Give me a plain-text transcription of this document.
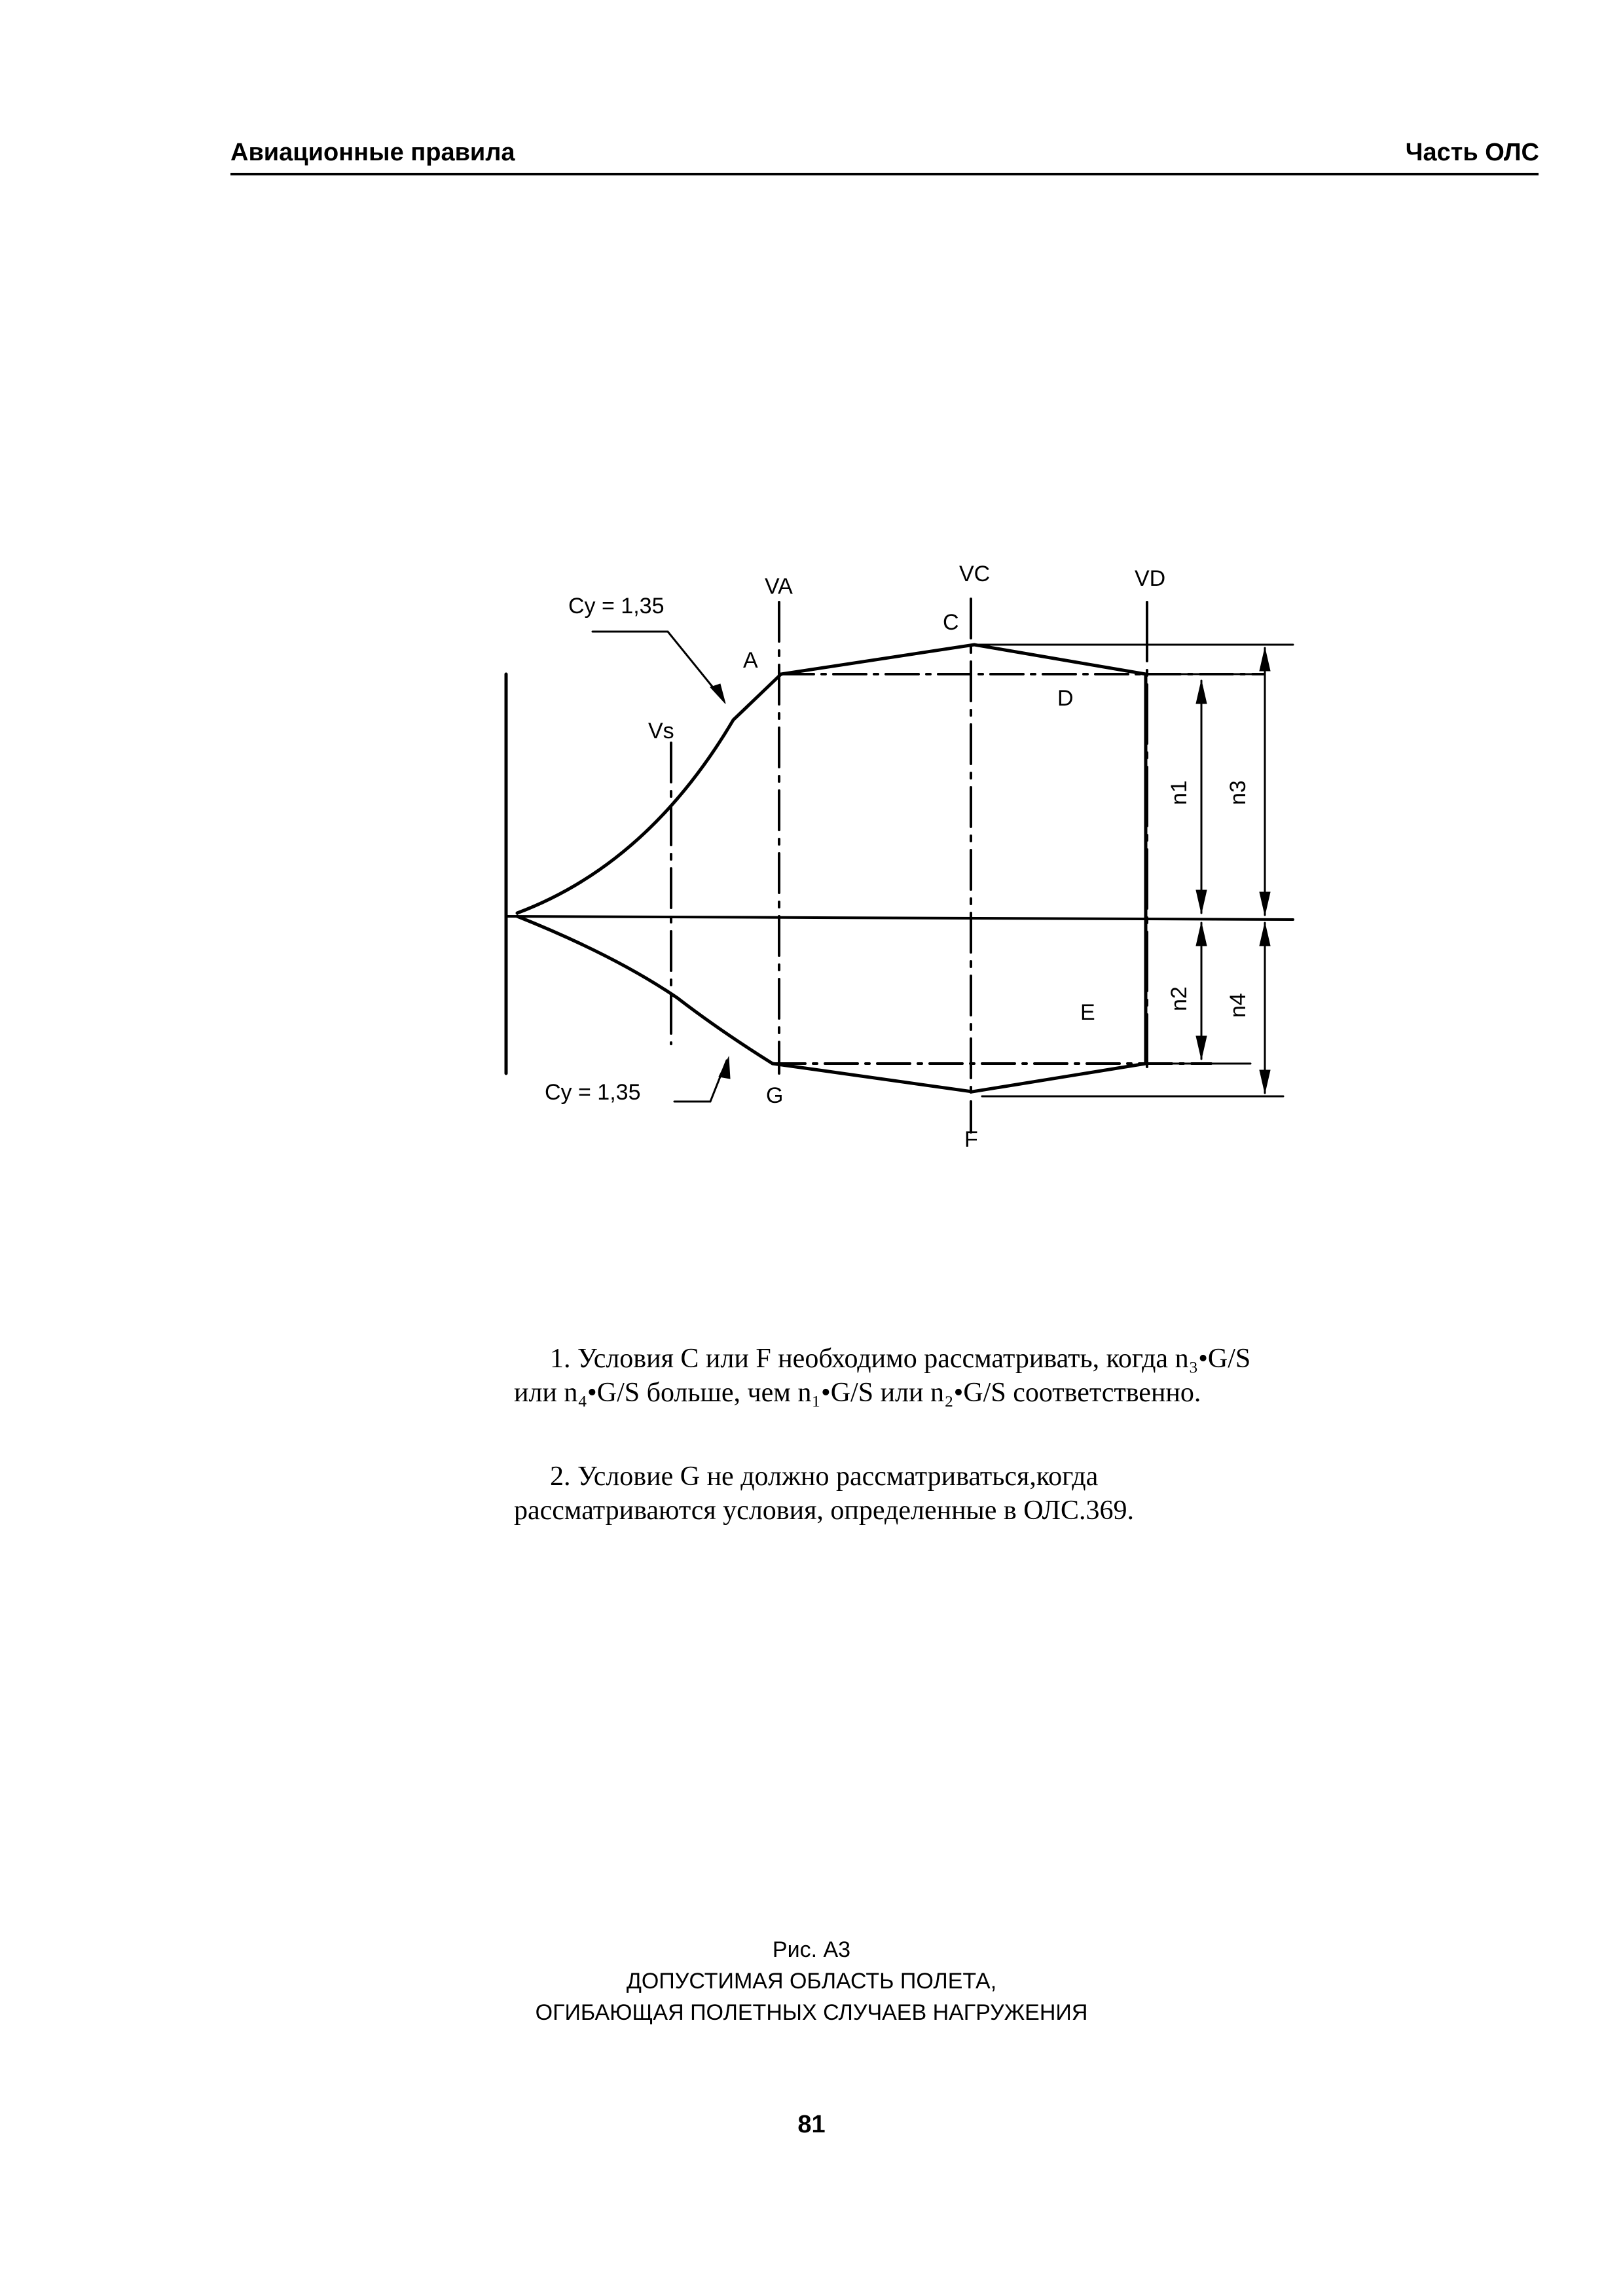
Авиационные правила	Часть ОЛС
Cy = 1,35
Cy = 1,35
VA	VC	VD
Vs
A
C
D
E
G
F
n1
n2
n3
n4

1. Условия C или F необходимо рассматривать, когда n₃•G/S или n₄•G/S больше, чем n₁•G/S или n₂•G/S соответственно.

2. Условие G не должно рассматриваться,когда рассматриваются условия, определенные в ОЛС.369.

Рис. А3
ДОПУСТИМАЯ ОБЛАСТЬ ПОЛЕТА,
ОГИБАЮЩАЯ ПОЛЕТНЫХ СЛУЧАЕВ НАГРУЖЕНИЯ
81
